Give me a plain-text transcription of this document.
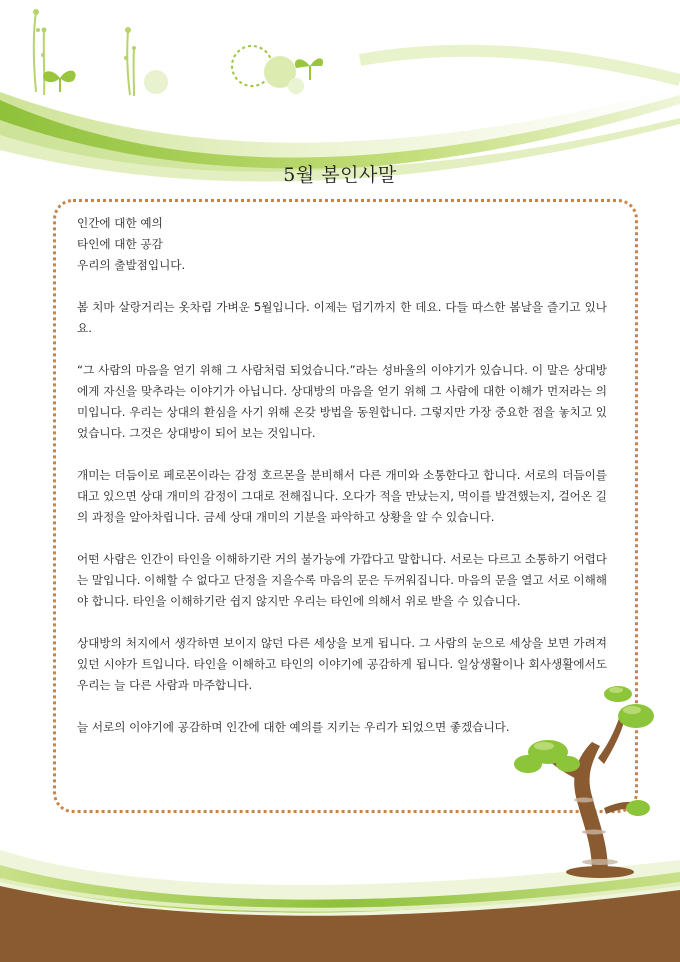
5월 봄인사말

인간에 대한 예의
타인에 대한 공감
우리의 출발점입니다.

봄 치마 살랑거리는 옷차림 가벼운 5월입니다. 이제는 덥기까지 한 데요. 다들 따스한 봄날을 즐기고 있나요.

“그 사람의 마음을 얻기 위해 그 사람처럼 되었습니다.”라는 성바울의 이야기가 있습니다. 이 말은 상대방에게 자신을 맞추라는 이야기가 아닙니다. 상대방의 마음을 얻기 위해 그 사람에 대한 이해가 먼저라는 의미입니다. 우리는 상대의 환심을 사기 위해 온갖 방법을 동원합니다. 그렇지만 가장 중요한 점을 놓치고 있었습니다. 그것은 상대방이 되어 보는 것입니다.

개미는 더듬이로 페로몬이라는 감정 호르몬을 분비해서 다른 개미와 소통한다고 합니다. 서로의 더듬이를 대고 있으면 상대 개미의 감정이 그대로 전해집니다. 오다가 적을 만났는지, 먹이를 발견했는지, 걸어온 길의 과정을 알아차립니다. 금세 상대 개미의 기분을 파악하고 상황을 알 수 있습니다.

어떤 사람은 인간이 타인을 이해하기란 거의 불가능에 가깝다고 말합니다. 서로는 다르고 소통하기 어렵다는 말입니다. 이해할 수 없다고 단정을 지을수록 마음의 문은 두꺼워집니다. 마음의 문을 열고 서로 이해해야 합니다. 타인을 이해하기란 쉽지 않지만 우리는 타인에 의해서 위로 받을 수 있습니다.

상대방의 처지에서 생각하면 보이지 않던 다른 세상을 보게 됩니다. 그 사람의 눈으로 세상을 보면 가려져 있던 시야가 트입니다. 타인을 이해하고 타인의 이야기에 공감하게 됩니다. 일상생활이나 회사생활에서도 우리는 늘 다른 사람과 마주합니다.

늘 서로의 이야기에 공감하며 인간에 대한 예의를 지키는 우리가 되었으면 좋겠습니다.
